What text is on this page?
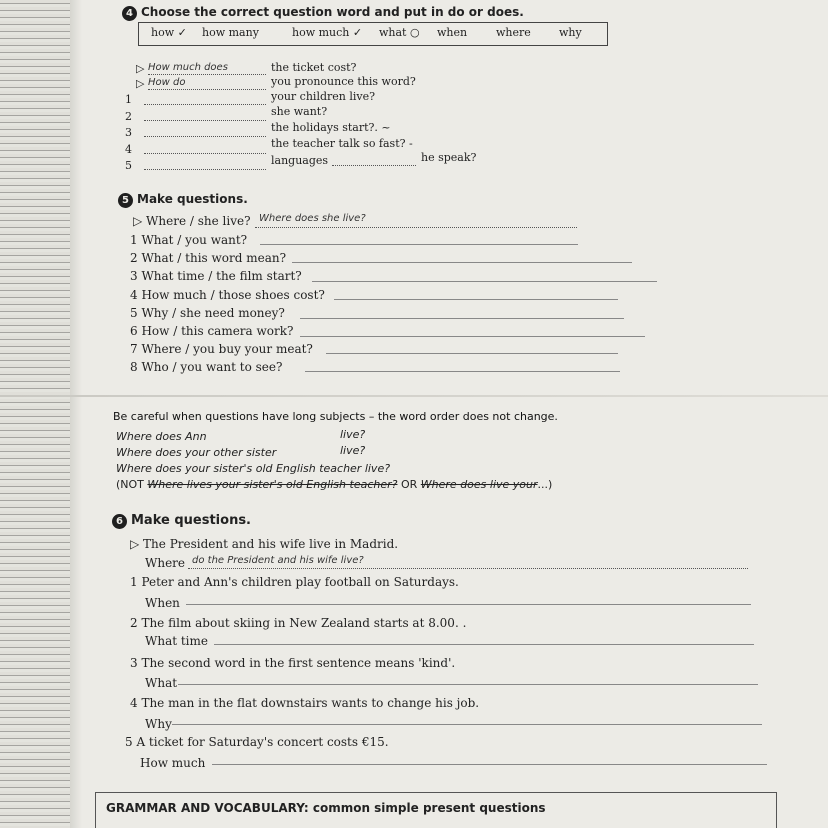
4 Choose the correct question word and put in do or does.
how ✓ how many	how much ✓ what ○ when	where	why
▷ How much does	the ticket cost?
▷ How do	you pronounce this word?
1	your children live?
2	she want?
3	the holidays start?. ~
4	the teacher talk so fast? -
5	languages	he speak?
5 Make questions.
▷ Where / she live? Where does she live?
1 What / you want?
2 What / this word mean?
3 What time / the film start?
4 How much / those shoes cost?
5 Why / she need money?
6 How / this camera work?
7 Where / you buy your meat?
8 Who / you want to see?
Be careful when questions have long subjects – the word order does not change.
Where does Ann	live?
Where does your other sister	live?
Where does your sister's old English teacher live?
(NOT Where lives your sister's old English teacher? OR Where does live your...)
6 Make questions.
▷ The President and his wife live in Madrid.
Where do the President and his wife live?
1 Peter and Ann's children play football on Saturdays.
When
2 The film about skiing in New Zealand starts at 8.00. .
What time
3 The second word in the first sentence means 'kind'.
What
4 The man in the flat downstairs wants to change his job.
Why
5 A ticket for Saturday's concert costs €15.
How much
GRAMMAR AND VOCABULARY: common simple present questions
